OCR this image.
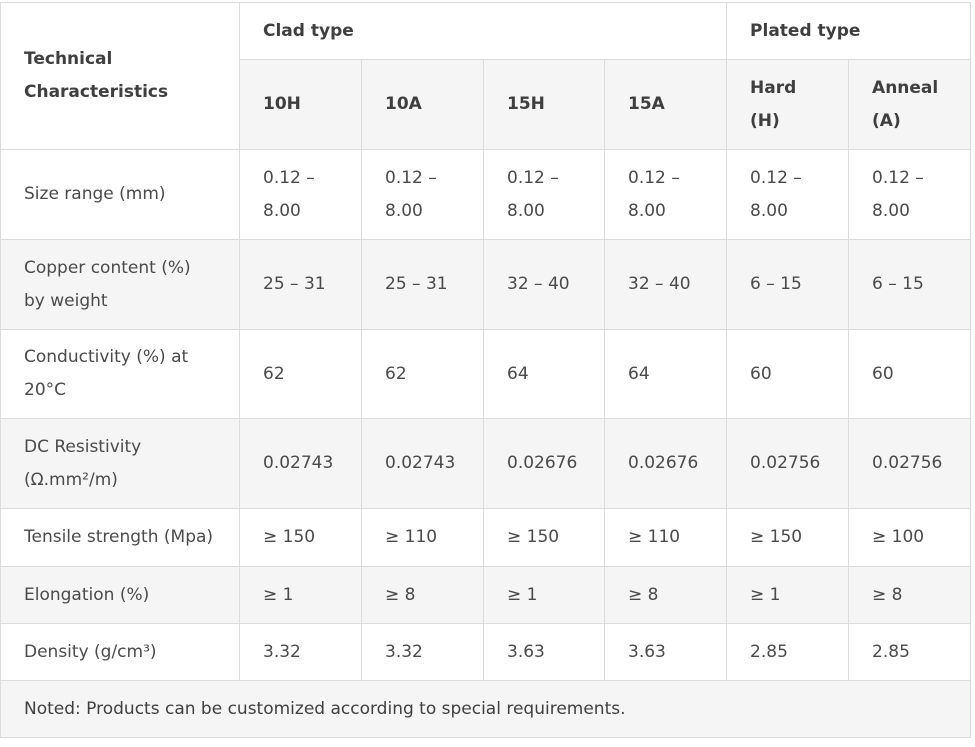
Technical Characteristics	Clad type				Plated type	
	10H	10A	15H	15A	Hard (H)	Anneal (A)
Size range (mm)	0.12 – 8.00	0.12 – 8.00	0.12 – 8.00	0.12 – 8.00	0.12 – 8.00	0.12 – 8.00
Copper content (%) by weight	25 – 31	25 – 31	32 – 40	32 – 40	6 – 15	6 – 15
Conductivity (%) at 20°C	62	62	64	64	60	60
DC Resistivity (Ω.mm²/m)	0.02743	0.02743	0.02676	0.02676	0.02756	0.02756
Tensile strength (Mpa)	≥ 150	≥ 110	≥ 150	≥ 110	≥ 150	≥ 100
Elongation (%)	≥ 1	≥ 8	≥ 1	≥ 8	≥ 1	≥ 8
Density (g/cm³)	3.32	3.32	3.63	3.63	2.85	2.85
Noted: Products can be customized according to special requirements.						
